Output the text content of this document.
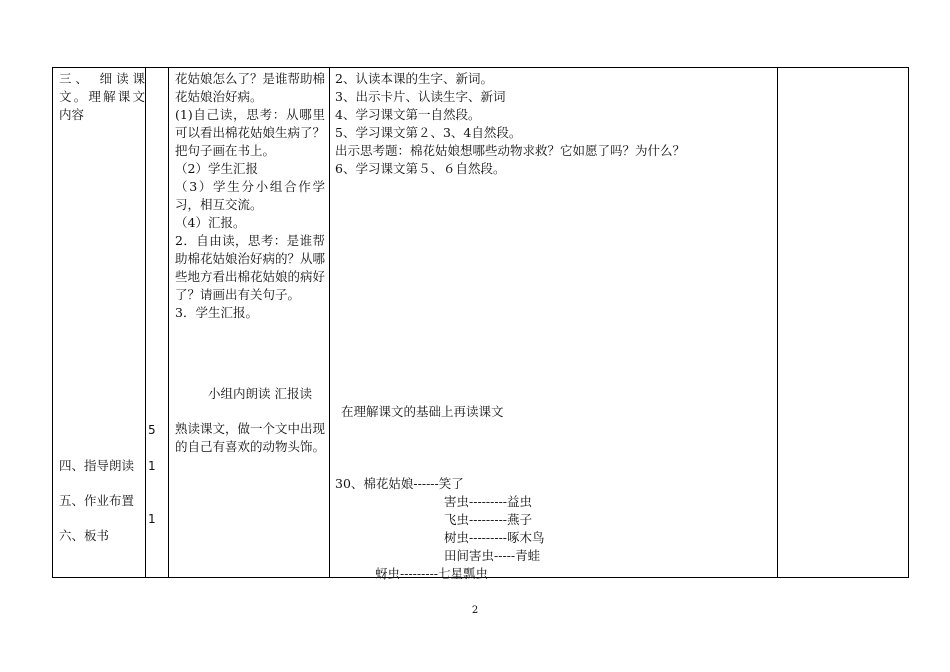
三、 细读课文。理解课文内容
四、指导朗读
五、作业布置
六、板书
5
1
1

花姑娘怎么了？是谁帮助棉花姑娘治好病。

(1)自己读，思考：从哪里可以看出棉花姑娘生病了？把句子画在书上。

（2）学生汇报

（3）学生分小组合作学习，相互交流。

（4）汇报。

2．自由读，思考：是谁帮助棉花姑娘治好病的？从哪些地方看出棉花姑娘的病好了？请画出有关句子。

3．学生汇报。

小组内朗读 汇报读
熟读课文，做一个文中出现的自己有喜欢的动物头饰。

2、认读本课的生字、新词。

3、出示卡片、认读生字、新词

4、学习课文第一自然段。

5、学习课文第２、3、4自然段。

出示思考题：棉花姑娘想哪些动物求救？它如愿了吗？为什么？

6、学习课文第５、６自然段。

在理解课文的基础上再读课文
30、棉花姑娘------笑了
害虫---------益虫
飞虫---------燕子
树虫---------啄木鸟
田间害虫-----青蛙
蚜虫---------七星瓢虫
2
